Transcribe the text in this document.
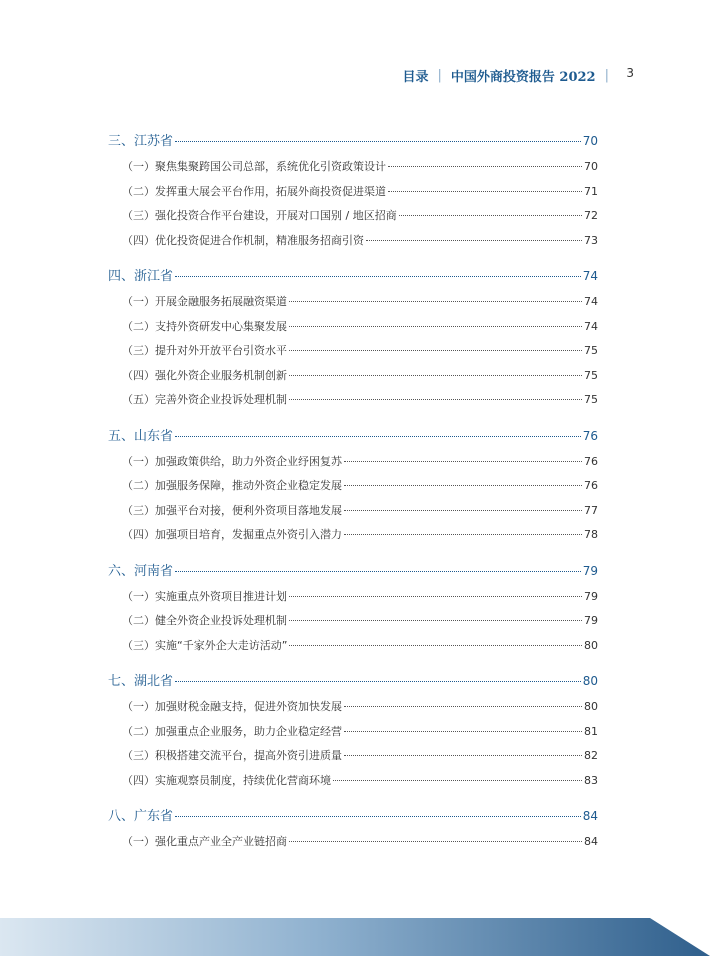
目录 | 中国外商投资报告 2022 | 3
三、江苏省	70
（一）聚焦集聚跨国公司总部，系统优化引资政策设计	70
（二）发挥重大展会平台作用，拓展外商投资促进渠道	71
（三）强化投资合作平台建设，开展对口国别 / 地区招商	72
（四）优化投资促进合作机制，精准服务招商引资	73
四、浙江省	74
（一）开展金融服务拓展融资渠道	74
（二）支持外资研发中心集聚发展	74
（三）提升对外开放平台引资水平	75
（四）强化外资企业服务机制创新	75
（五）完善外资企业投诉处理机制	75
五、山东省	76
（一）加强政策供给，助力外资企业纾困复苏	76
（二）加强服务保障，推动外资企业稳定发展	76
（三）加强平台对接，便利外资项目落地发展	77
（四）加强项目培育，发掘重点外资引入潜力	78
六、河南省	79
（一）实施重点外资项目推进计划	79
（二）健全外资企业投诉处理机制	79
（三）实施“千家外企大走访活动”	80
七、湖北省	80
（一）加强财税金融支持，促进外资加快发展	80
（二）加强重点企业服务，助力企业稳定经营	81
（三）积极搭建交流平台，提高外资引进质量	82
（四）实施观察员制度，持续优化营商环境	83
八、广东省	84
（一）强化重点产业全产业链招商	84
